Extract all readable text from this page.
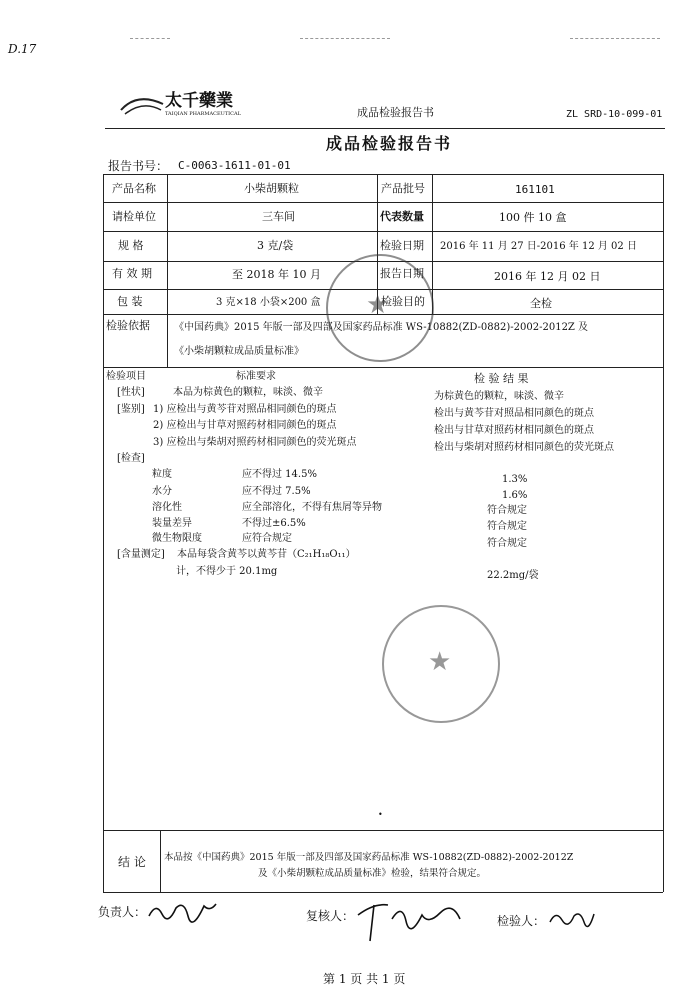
D.17
太千藥業
TAIQIAN PHARMACEUTICAL	成品检验报告书	ZL SRD-10-099-01
成品检验报告书
报告书号： C-0063-1611-01-01
产品名称	小柴胡颗粒	产品批号	161101
请检单位	三车间	代表数量	100 件 10 盒
规 格	3 克/袋	检验日期 2016 年 11 月 27 日-2016 年 12 月 02 日
有 效 期	至 2018 年 10 月	报告日期	2016 年 12 月 02 日
包 装	3 克×18 小袋×200 盒	检验目的	全检
检验依据 《中国药典》2015 年版一部及四部及国家药品标准 WS-10882(ZD-0882)-2002-2012Z 及
《小柴胡颗粒成品质量标准》
检验项目	标准要求	检 验 结 果
[性状]	本品为棕黄色的颗粒，味淡、微辛	为棕黄色的颗粒，味淡、微辛
[鉴别] 1) 应检出与黄芩苷对照品相同颜色的斑点	检出与黄芩苷对照品相同颜色的斑点
2) 应检出与甘草对照药材相同颜色的斑点	检出与甘草对照药材相同颜色的斑点
3) 应检出与柴胡对照药材相同颜色的荧光斑点	检出与柴胡对照药材相同颜色的荧光斑点
[检查]
粒度	应不得过 14.5%	1.3%
水分	应不得过 7.5%	1.6%
溶化性	应全部溶化，不得有焦屑等异物	符合规定
装量差异	不得过±6.5%	符合规定
微生物限度	应符合规定	符合规定
[含量测定] 本品每袋含黄芩以黄芩苷（C₂₁H₁₈O₁₁）
计，不得少于 20.1mg	22.2mg/袋
•
结 论 本品按《中国药典》2015 年版一部及四部及国家药品标准 WS-10882(ZD-0882)-2002-2012Z
及《小柴胡颗粒成品质量标准》检验，结果符合规定。
负责人：	复核人：	检验人：
第 1 页 共 1 页
★
★
